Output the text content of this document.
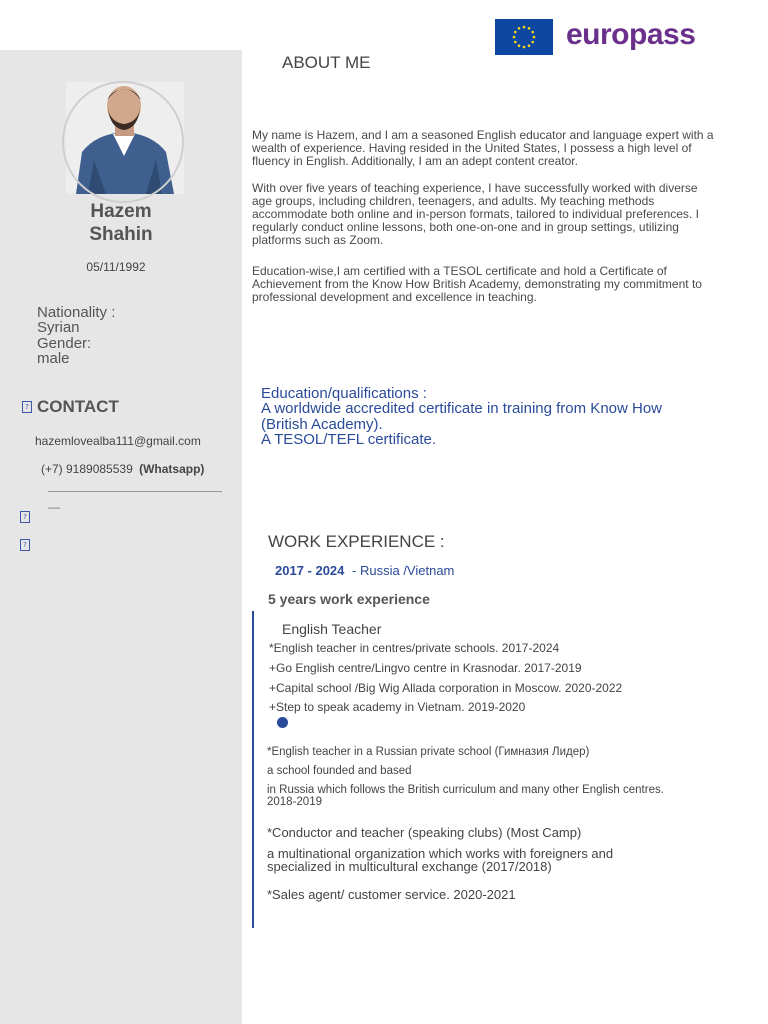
europass
ABOUT ME
Hazem
Shahin
05/11/1992
Nationality :
Syrian
Gender:
male
? CONTACT
hazemlovealba111@gmail.com
(+7) 9189085539 (Whatsapp)
—
?
?

My name is Hazem, and I am a seasoned English educator and language expert with a wealth of experience. Having resided in the United States, I possess a high level of fluency in English. Additionally, I am an adept content creator.

With over five years of teaching experience, I have successfully worked with diverse age groups, including children, teenagers, and adults. My teaching methods accommodate both online and in-person formats, tailored to individual preferences. I regularly conduct online lessons, both one-on-one and in group settings, utilizing platforms such as Zoom.

Education-wise,I am certified with a TESOL certificate and hold a Certificate of Achievement from the Know How British Academy, demonstrating my commitment to professional development and excellence in teaching.

Education/qualifications :
A worldwide accredited certificate in training from Know How
(British Academy).
A TESOL/TEFL certificate.
WORK EXPERIENCE :
2017 - 2024 - Russia /Vietnam
5 years work experience
English Teacher
*English teacher in centres/private schools. 2017-2024
+Go English centre/Lingvo centre in Krasnodar. 2017-2019
+Capital school /Big Wig Allada corporation in Moscow. 2020-2022
+Step to speak academy in Vietnam. 2019-2020
*English teacher in a Russian private school (Гимназия Лидер)
a school founded and based
in Russia which follows the British curriculum and many other English centres. 2018-2019
*Conductor and teacher (speaking clubs) (Most Camp)
a multinational organization which works with foreigners and specialized in multicultural exchange (2017/2018)
*Sales agent/ customer service. 2020-2021
